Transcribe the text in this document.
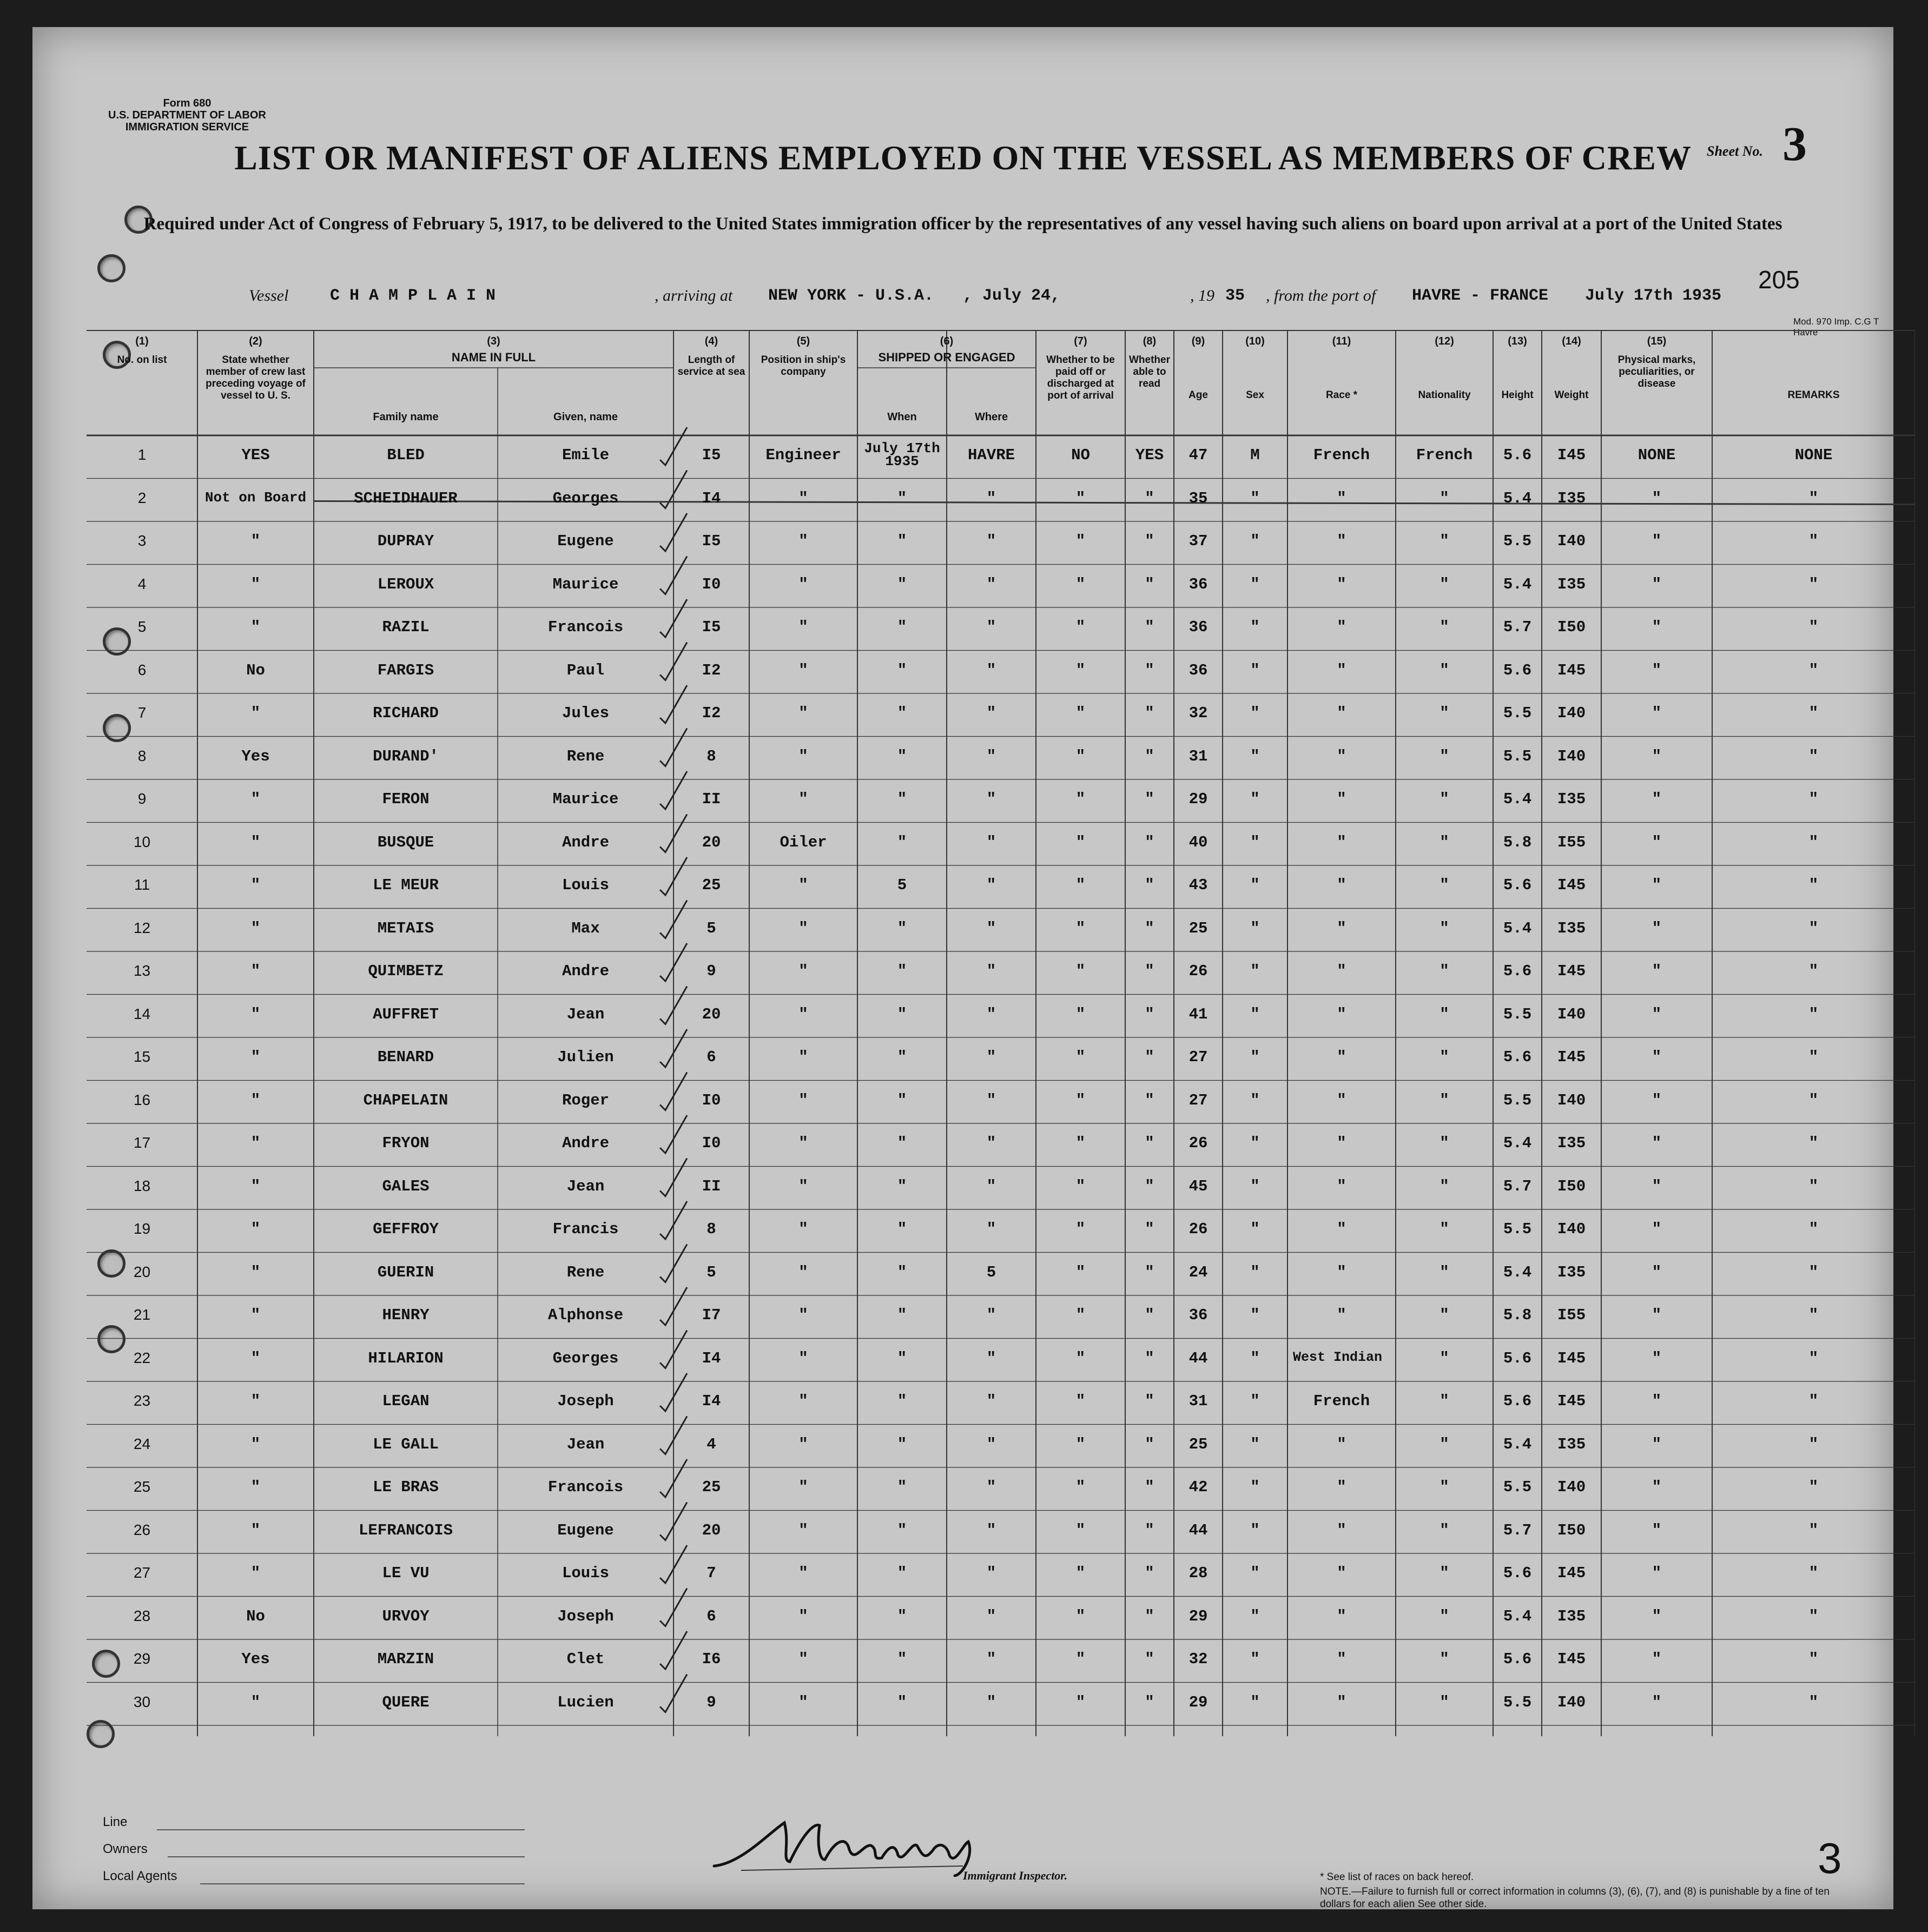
Form 680
U.S. DEPARTMENT OF LABOR
IMMIGRATION SERVICE
Sheet No. 3
LIST OR MANIFEST OF ALIENS EMPLOYED ON THE VESSEL AS MEMBERS OF CREW
Required under Act of Congress of February 5, 1917, to be delivered to the United States immigration officer by the representatives of any vessel having such aliens on board upon arrival at a port of the United States
205
Vessel	C H A M P L A I N	, arriving at NEW YORK - U.S.A. , July 24,	, 19 35 , from the port of HAVRE - FRANCE July 17th 1935
Mod. 970 Imp. C.G T Havre
(1)
No. on list
(2)
State whether member of crew last preceding voyage of vessel to U. S.
(3)
NAME IN FULL
(4)
Length of service at sea
(5)
Position in ship's company
(6)
SHIPPED OR ENGAGED
(7)
Whether to be paid off or discharged at port of arrival
(8)
Whether able to read
(9)
Age
(10)
Sex
(11)
Race *
(12)
Nationality
(13)
Height
(14)
Weight
(15)
Physical marks, peculiarities, or disease
REMARKS
Family name	Given, name	When	Where
1	YES	BLED	Emile	I5	Engineer	July 17th 1935	HAVRE	NO	YES	47	M	French	French	5.6	I45	NONE	NONE
2	Not on Board	SCHEIDHAUER	Georges	I4	"	"	"	"	"	35	"	"	"	5.4	I35	"	"
3	"	DUPRAY	Eugene	I5	"	"	"	"	"	37	"	"	"	5.5	I40	"	"
4	"	LEROUX	Maurice	I0	"	"	"	"	"	36	"	"	"	5.4	I35	"	"
5	"	RAZIL	Francois	I5	"	"	"	"	"	36	"	"	"	5.7	I50	"	"
6	No	FARGIS	Paul	I2	"	"	"	"	"	36	"	"	"	5.6	I45	"	"
7	"	RICHARD	Jules	I2	"	"	"	"	"	32	"	"	"	5.5	I40	"	"
8	Yes	DURAND'	Rene	8	"	"	"	"	"	31	"	"	"	5.5	I40	"	"
9	"	FERON	Maurice	II	"	"	"	"	"	29	"	"	"	5.4	I35	"	"
10	"	BUSQUE	Andre	20	Oiler	"	"	"	"	40	"	"	"	5.8	I55	"	"
11	"	LE MEUR	Louis	25	"	5	"	"	"	43	"	"	"	5.6	I45	"	"
12	"	METAIS	Max	5	"	"	"	"	"	25	"	"	"	5.4	I35	"	"
13	"	QUIMBETZ	Andre	9	"	"	"	"	"	26	"	"	"	5.6	I45	"	"
14	"	AUFFRET	Jean	20	"	"	"	"	"	41	"	"	"	5.5	I40	"	"
15	"	BENARD	Julien	6	"	"	"	"	"	27	"	"	"	5.6	I45	"	"
16	"	CHAPELAIN	Roger	I0	"	"	"	"	"	27	"	"	"	5.5	I40	"	"
17	"	FRYON	Andre	I0	"	"	"	"	"	26	"	"	"	5.4	I35	"	"
18	"	GALES	Jean	II	"	"	"	"	"	45	"	"	"	5.7	I50	"	"
19	"	GEFFROY	Francis	8	"	"	"	"	"	26	"	"	"	5.5	I40	"	"
20	"	GUERIN	Rene	5	"	"	5	"	"	24	"	"	"	5.4	I35	"	"
21	"	HENRY	Alphonse	I7	"	"	"	"	"	36	"	"	"	5.8	I55	"	"
22	"	HILARION	Georges	I4	"	"	"	"	"	44	"	West Indian	"	5.6	I45	"	"
23	"	LEGAN	Joseph	I4	"	"	"	"	"	31	"	French	"	5.6	I45	"	"
24	"	LE GALL	Jean	4	"	"	"	"	"	25	"	"	"	5.4	I35	"	"
25	"	LE BRAS	Francois	25	"	"	"	"	"	42	"	"	"	5.5	I40	"	"
26	"	LEFRANCOIS	Eugene	20	"	"	"	"	"	44	"	"	"	5.7	I50	"	"
27	"	LE VU	Louis	7	"	"	"	"	"	28	"	"	"	5.6	I45	"	"
28	No	URVOY	Joseph	6	"	"	"	"	"	29	"	"	"	5.4	I35	"	"
29	Yes	MARZIN	Clet	I6	"	"	"	"	"	32	"	"	"	5.6	I45	"	"
30	"	QUERE	Lucien	9	"	"	"	"	"	29	"	"	"	5.5	I40	"	"
Line
Owners
Local Agents	Immigrant Inspector.	* See list of races on back hereof.
NOTE.—Failure to furnish full or correct information in columns (3), (6), (7), and (8) is punishable by a fine of ten dollars for each alien See other side.
3
